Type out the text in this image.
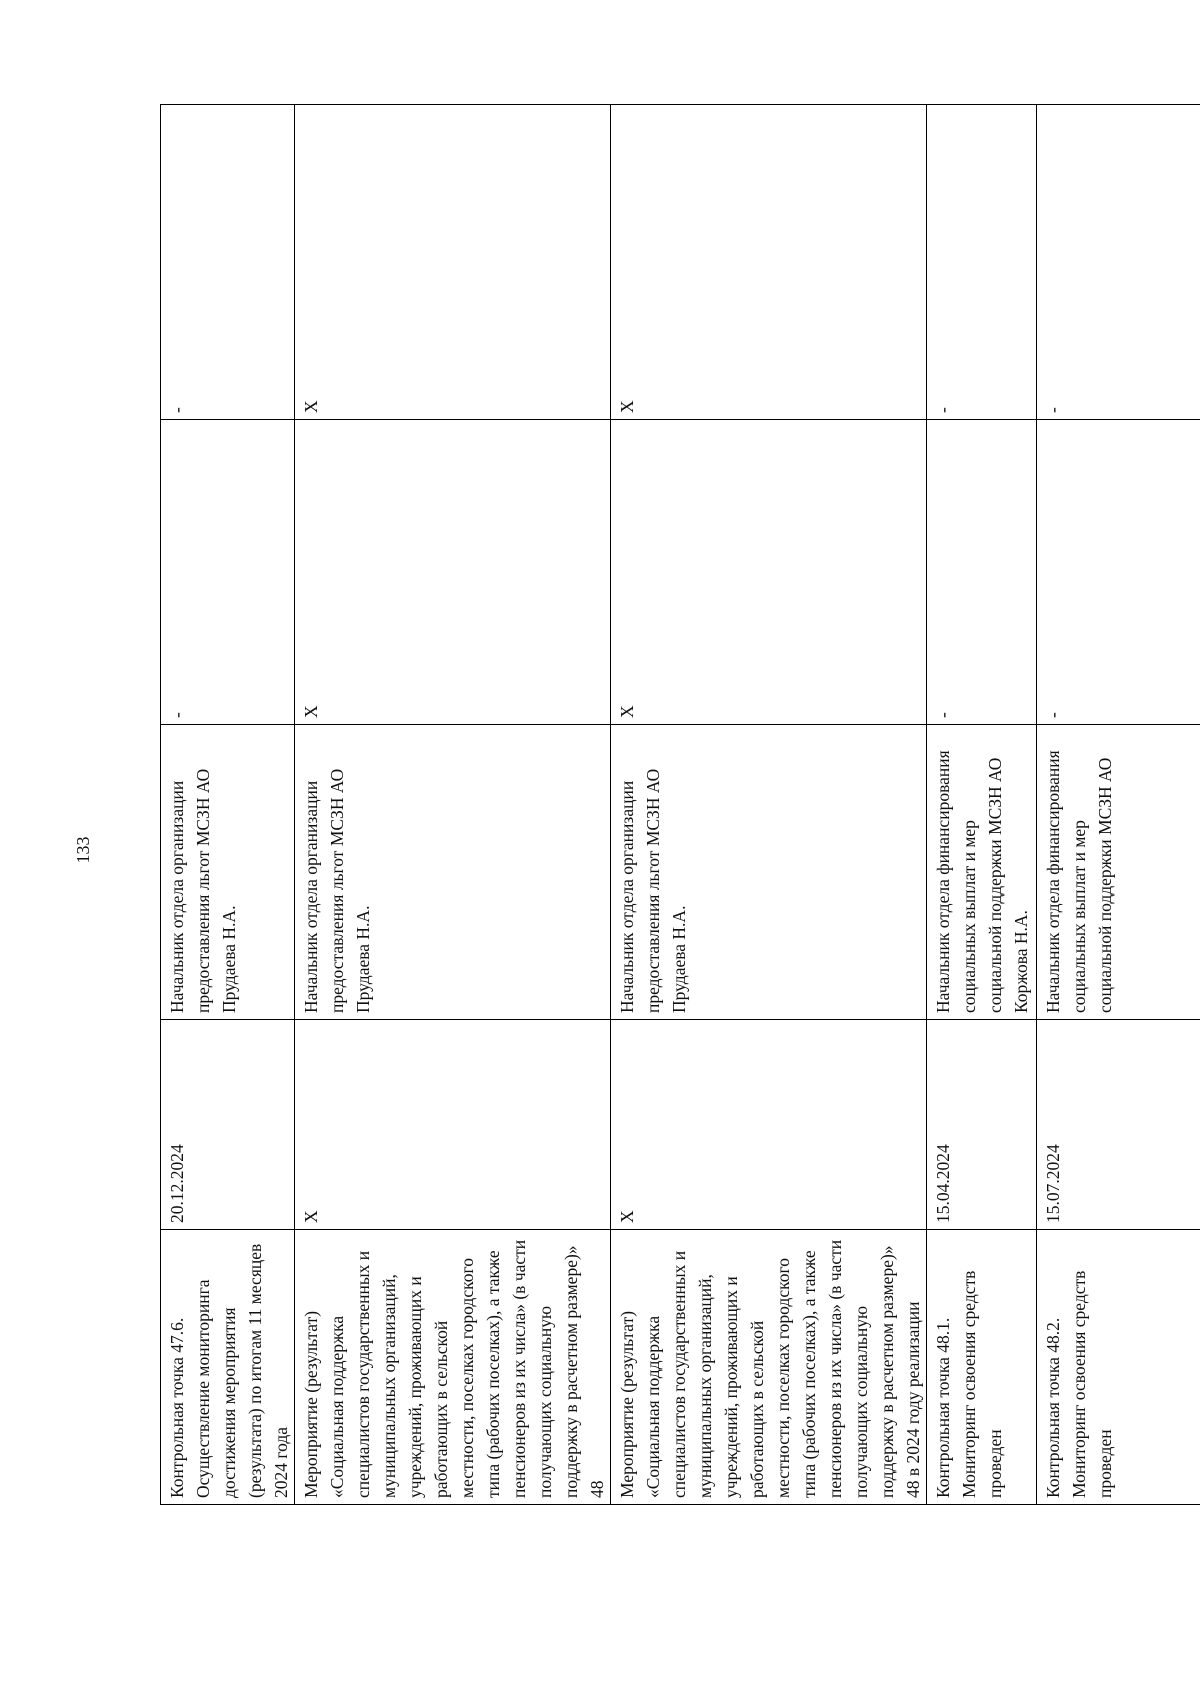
133
Контрольная точка 47.6. Осуществление мониторинга достижения мероприятия (результата) по итогам 11 месяцев 2024 года	20.12.2024	Начальник отдела организации предоставления льгот МСЗН АО Прудаева Н.А.	-	-
Мероприятие (результат) «Социальная поддержка специалистов государственных и муниципальных организаций, учреждений, проживающих и работающих в сельской местности, поселках городского типа (рабочих поселках), а также пенсионеров из их числа» (в части получающих социальную поддержку в расчетном размере)» 48	Х	Начальник отдела организации предоставления льгот МСЗН АО Прудаева Н.А.	Х	Х
Мероприятие (результат) «Социальная поддержка специалистов государственных и муниципальных организаций, учреждений, проживающих и работающих в сельской местности, поселках городского типа (рабочих поселках), а также пенсионеров из их числа» (в части получающих социальную поддержку в расчетном размере)» 48 в 2024 году реализации	Х	Начальник отдела организации предоставления льгот МСЗН АО Прудаева Н.А.	Х	Х
Контрольная точка 48.1. Мониторинг освоения средств проведен	15.04.2024	Начальник отдела финансирования социальных выплат и мер социальной поддержки МСЗН АО Коржова Н.А.	-	-
Контрольная точка 48.2. Мониторинг освоения средств проведен	15.07.2024	Начальник отдела финансирования социальных выплат и мер социальной поддержки МСЗН АО	-	-
